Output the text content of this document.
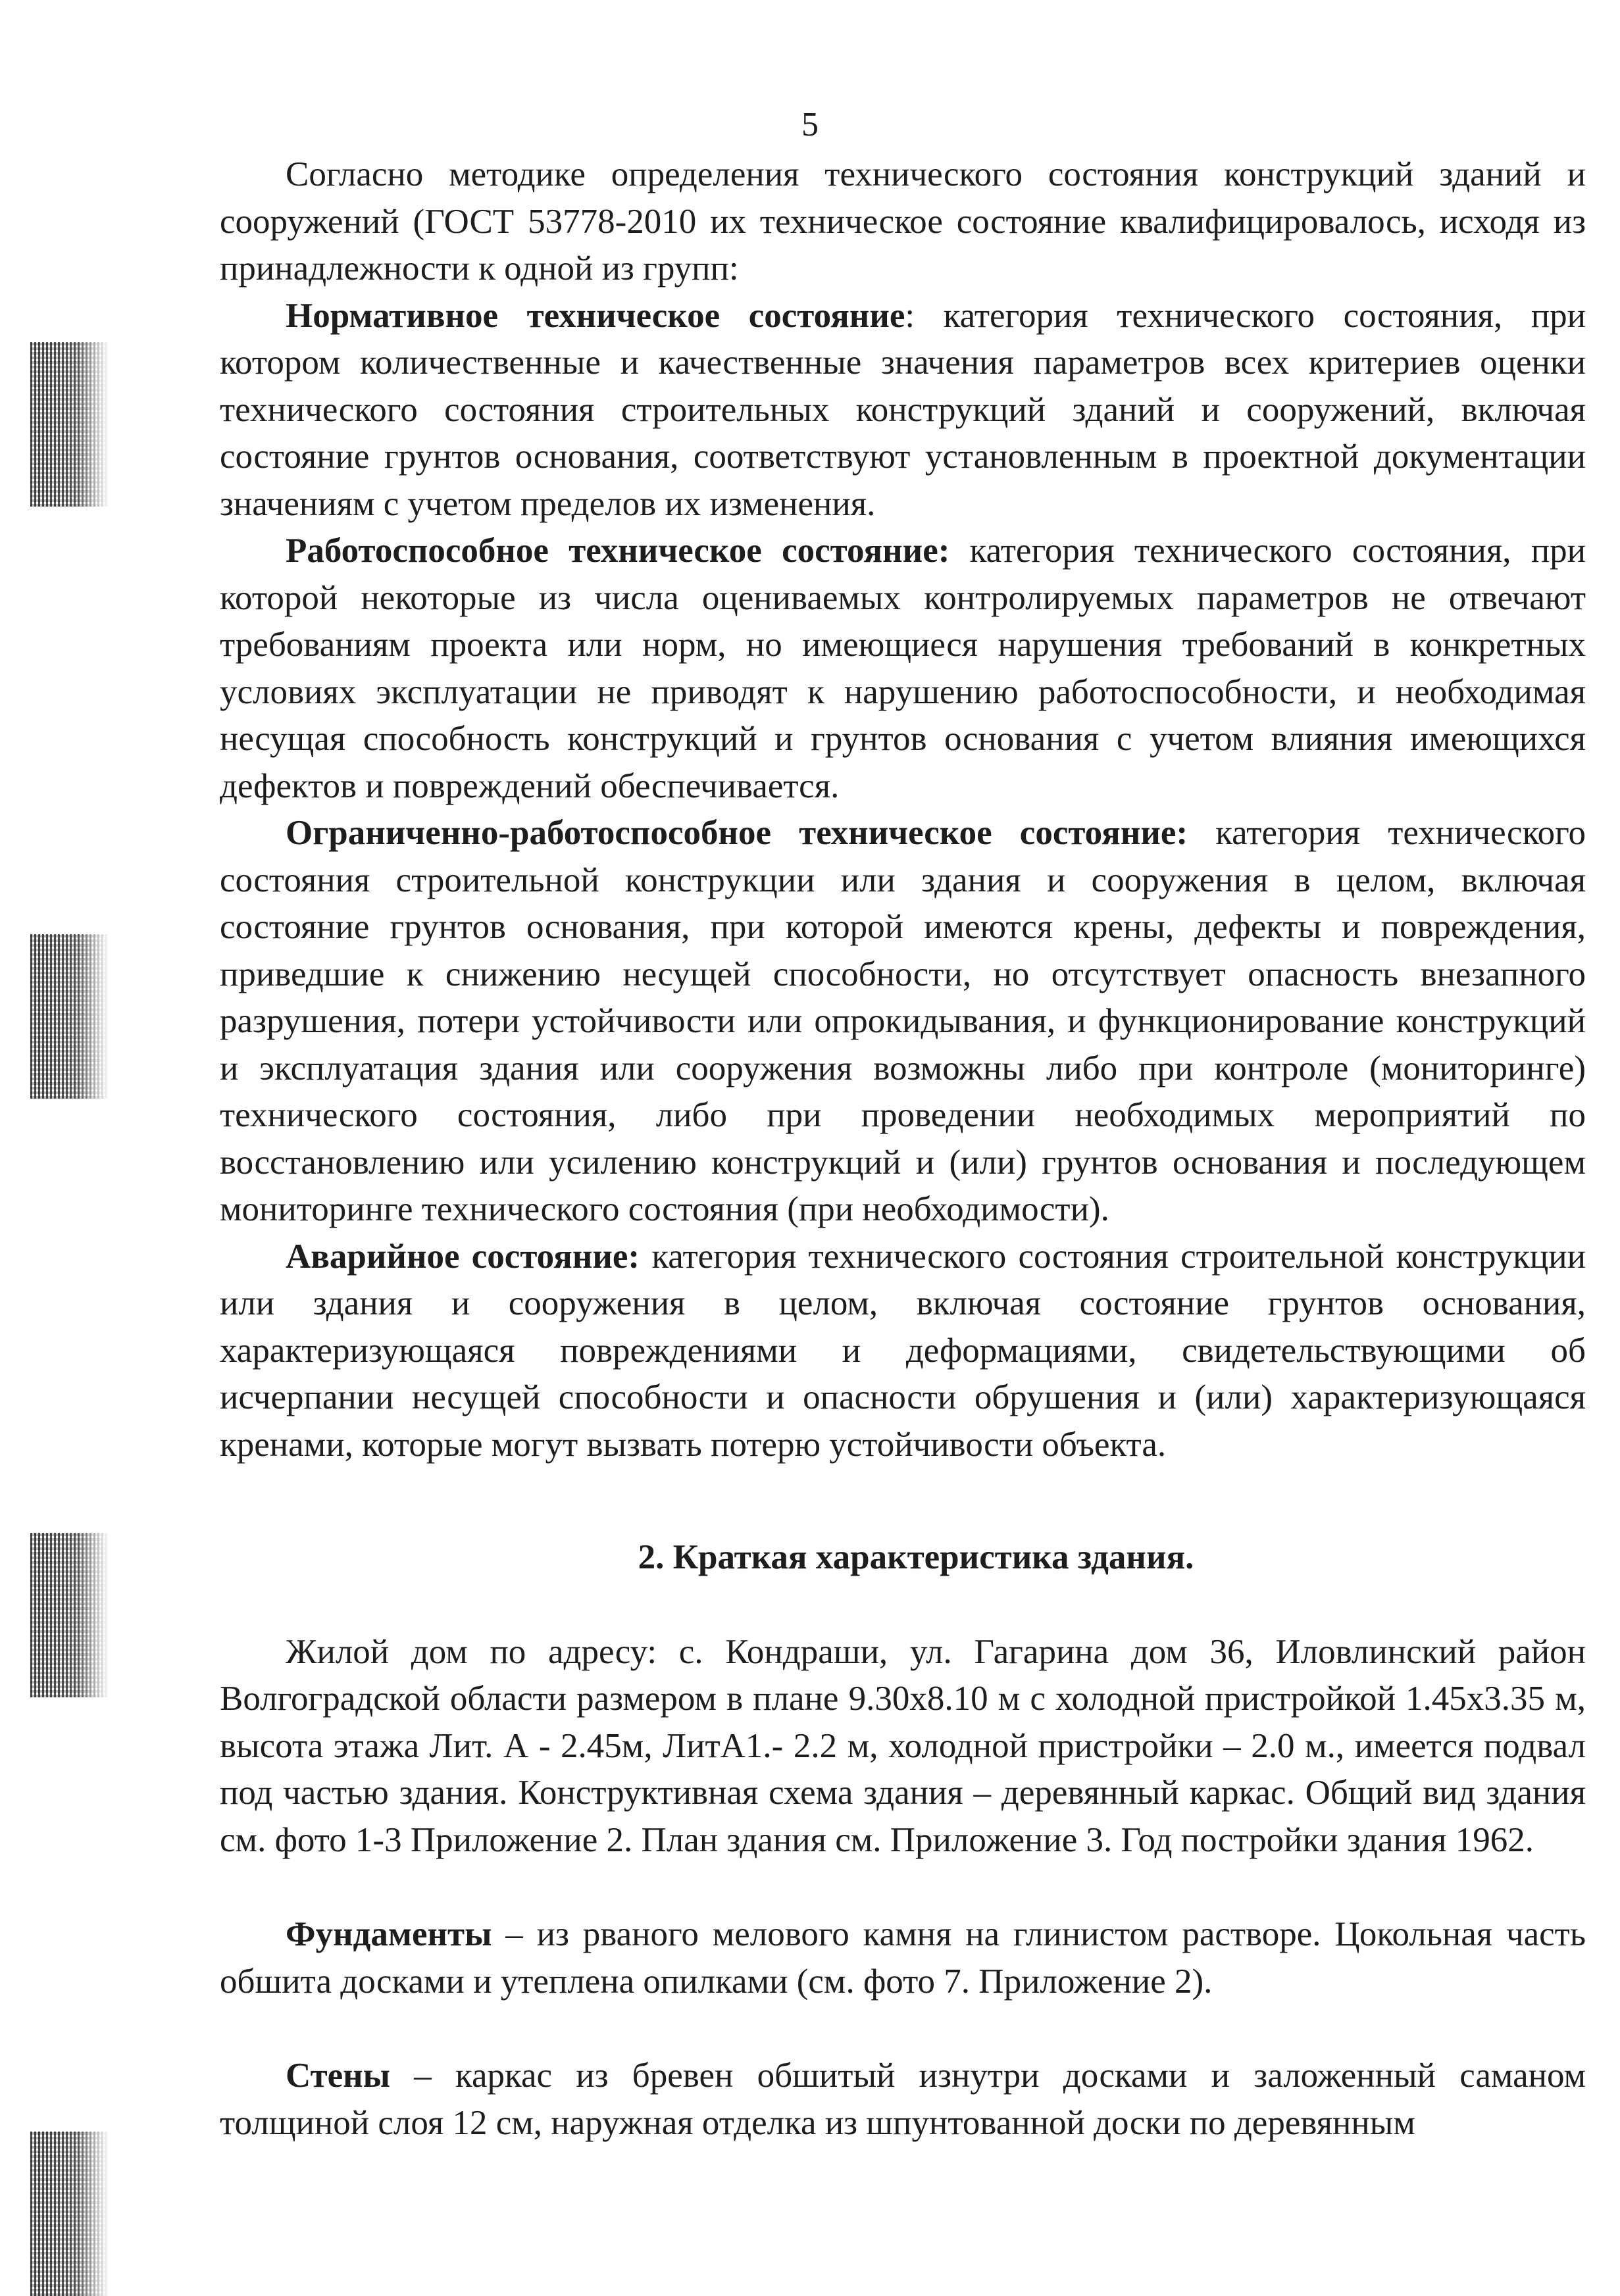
5

Согласно методике определения технического состояния конструкций зданий и сооружений (ГОСТ 53778-2010 их техническое состояние квалифицировалось, исходя из принадлежности к одной из групп:

Нормативное техническое состояние: категория технического состояния, при котором количественные и качественные значения параметров всех критериев оценки технического состояния строительных конструкций зданий и сооружений, включая состояние грунтов основания, соответствуют установленным в проектной документации значениям с учетом пределов их изменения.

Работоспособное техническое состояние: категория технического состояния, при которой некоторые из числа оцениваемых контролируемых параметров не отвечают требованиям проекта или норм, но имеющиеся нарушения требований в конкретных условиях эксплуатации не приводят к нарушению работоспособности, и необходимая несущая способность конструкций и грунтов основания с учетом влияния имеющихся дефектов и повреждений обеспечивается.

Ограниченно-работоспособное техническое состояние: категория технического состояния строительной конструкции или здания и сооружения в целом, включая состояние грунтов основания, при которой имеются крены, дефекты и повреждения, приведшие к снижению несущей способности, но отсутствует опасность внезапного разрушения, потери устойчивости или опрокидывания, и функционирование конструкций и эксплуатация здания или сооружения возможны либо при контроле (мониторинге) технического состояния, либо при проведении необходимых мероприятий по восстановлению или усилению конструкций и (или) грунтов основания и последующем мониторинге технического состояния (при необходимости).

Аварийное состояние: категория технического состояния строительной конструкции или здания и сооружения в целом, включая состояние грунтов основания, характеризующаяся повреждениями и деформациями, свидетельствующими об исчерпании несущей способности и опасности обрушения и (или) характеризующаяся кренами, которые могут вызвать потерю устойчивости объекта.

2. Краткая характеристика здания.

Жилой дом по адресу: с. Кондраши, ул. Гагарина дом 36, Иловлинский район Волгоградской области размером в плане 9.30х8.10 м с холодной пристройкой 1.45х3.35 м, высота этажа Лит. А - 2.45м, ЛитА1.- 2.2 м, холодной пристройки – 2.0 м., имеется подвал под частью здания. Конструктивная схема здания – деревянный каркас. Общий вид здания см. фото 1-3 Приложение 2. План здания см. Приложение 3. Год постройки здания 1962.

Фундаменты – из рваного мелового камня на глинистом растворе. Цокольная часть обшита досками и утеплена опилками (см. фото 7. Приложение 2).

Стены – каркас из бревен обшитый изнутри досками и заложенный саманом толщиной слоя 12 см, наружная отделка из шпунтованной доски по деревянным
